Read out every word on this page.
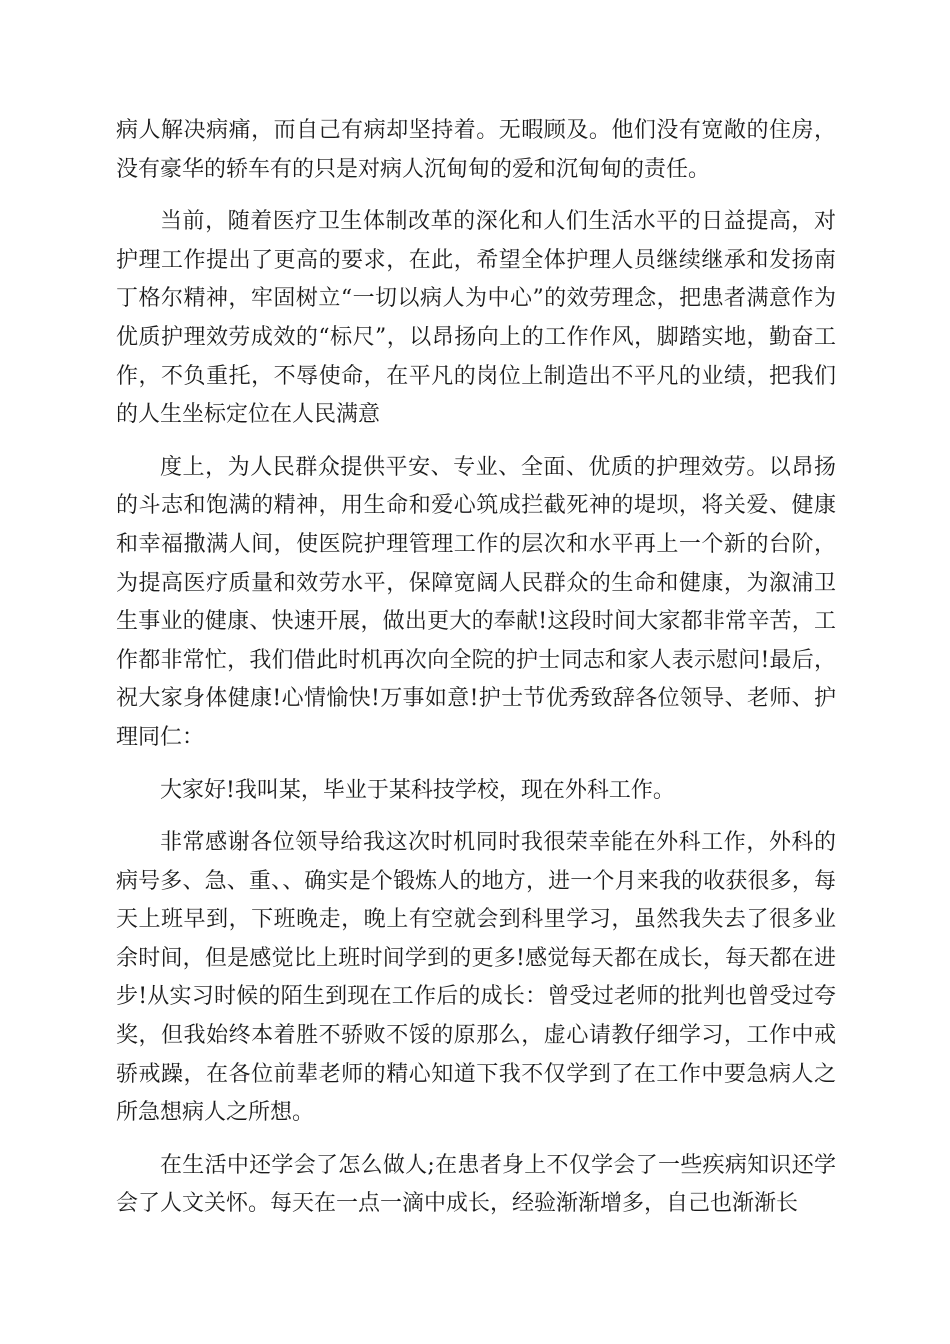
病人解决病痛，而自己有病却坚持着。无暇顾及。他们没有宽敞的住房，没有豪华的轿车有的只是对病人沉甸甸的爱和沉甸甸的责任。

当前，随着医疗卫生体制改革的深化和人们生活水平的日益提高，对护理工作提出了更高的要求，在此，希望全体护理人员继续继承和发扬南丁格尔精神，牢固树立“一切以病人为中心”的效劳理念，把患者满意作为优质护理效劳成效的“标尺”，以昂扬向上的工作作风，脚踏实地，勤奋工作，不负重托，不辱使命，在平凡的岗位上制造出不平凡的业绩，把我们的人生坐标定位在人民满意

度上，为人民群众提供平安、专业、全面、优质的护理效劳。以昂扬的斗志和饱满的精神，用生命和爱心筑成拦截死神的堤坝，将关爱、健康和幸福撒满人间，使医院护理管理工作的层次和水平再上一个新的台阶，为提高医疗质量和效劳水平，保障宽阔人民群众的生命和健康，为溆浦卫生事业的健康、快速开展，做出更大的奉献!这段时间大家都非常辛苦，工作都非常忙，我们借此时机再次向全院的护士同志和家人表示慰问!最后，祝大家身体健康!心情愉快!万事如意!护士节优秀致辞各位领导、老师、护理同仁：

大家好!我叫某，毕业于某科技学校，现在外科工作。

非常感谢各位领导给我这次时机同时我很荣幸能在外科工作，外科的病号多、急、重、、确实是个锻炼人的地方，进一个月来我的收获很多，每天上班早到，下班晚走，晚上有空就会到科里学习，虽然我失去了很多业余时间，但是感觉比上班时间学到的更多!感觉每天都在成长，每天都在进步!从实习时候的陌生到现在工作后的成长：曾受过老师的批判也曾受过夸奖，但我始终本着胜不骄败不馁的原那么，虚心请教仔细学习，工作中戒骄戒躁，在各位前辈老师的精心知道下我不仅学到了在工作中要急病人之所急想病人之所想。

在生活中还学会了怎么做人;在患者身上不仅学会了一些疾病知识还学会了人文关怀。每天在一点一滴中成长，经验渐渐增多，自己也渐渐长
